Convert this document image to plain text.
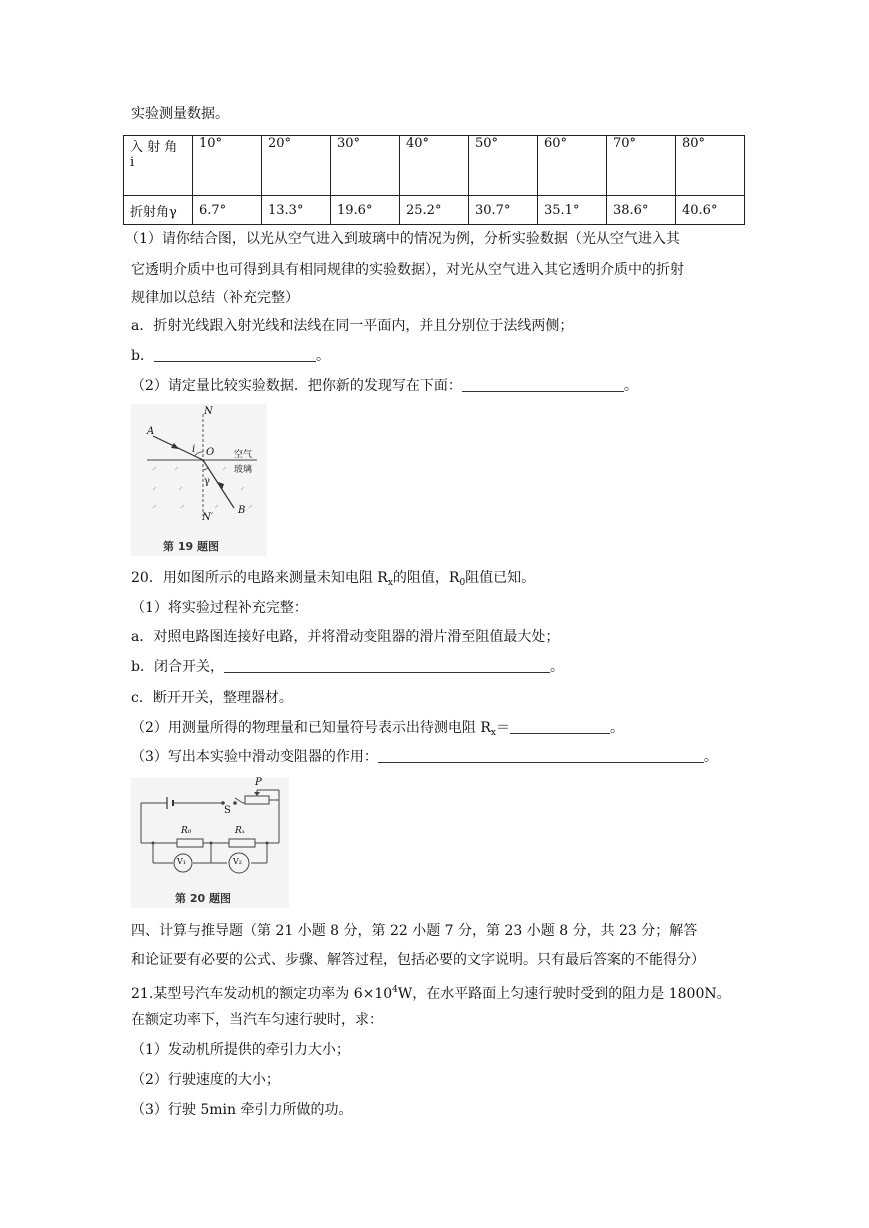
实验测量数据。
入 射 角
i	10°	20°	30°	40°	50°	60°	70°	80°
折射角γ	6.7°	13.3°	19.6°	25.2°	30.7°	35.1°	38.6°	40.6°
（1）请你结合图，以光从空气进入到玻璃中的情况为例，分析实验数据（光从空气进入其
它透明介质中也可得到具有相同规律的实验数据），对光从空气进入其它透明介质中的折射
规律加以总结（补充完整）
a．折射光线跟入射光线和法线在同一平面内，并且分别位于法线两侧；
b．	。
（2）请定量比较实验数据．把你新的发现写在下面：	。
N
A
i O 空气
玻璃
γ
N′
B
第 19 题图
20．用如图所示的电路来测量未知电阻 $R_x$的阻值，$R_0$阻值已知。
（1）将实验过程补充完整：
a．对照电路图连接好电路，并将滑动变阻器的滑片滑至阻值最大处；
b．闭合开关，	。
c．断开开关，整理器材。
（2）用测量所得的物理量和已知量符号表示出待测电阻 $R_x=$	。
（3）写出本实验中滑动变阻器的作用：	。
P
S
R₀	Rₓ
V₁	V₂
第 20 题图
四、计算与推导题（第 21 小题 8 分，第 22 小题 7 分，第 23 小题 8 分，共 23 分；解答
和论证要有必要的公式、步骤、解答过程，包括必要的文字说明。只有最后答案的不能得分）
21.某型号汽车发动机的额定功率为 $6\times 10^4W$，在水平路面上匀速行驶时受到的阻力是 1800N。
在额定功率下，当汽车匀速行驶时，求：
（1）发动机所提供的牵引力大小；
（2）行驶速度的大小；
（3）行驶 5min 牵引力所做的功。
